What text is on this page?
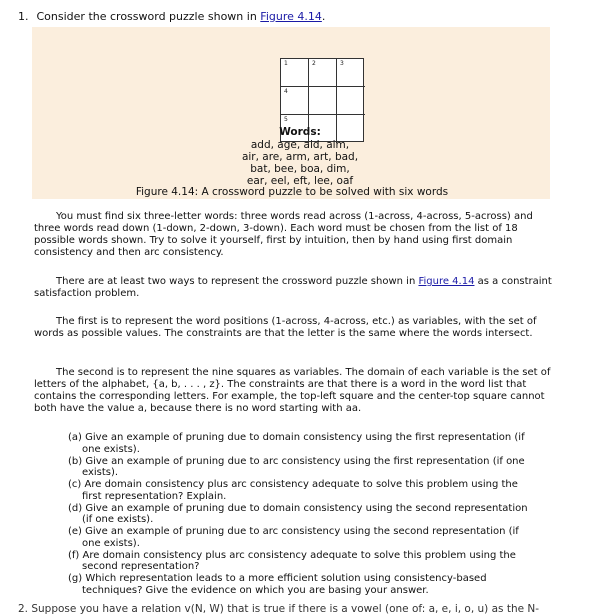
1. Consider the crossword puzzle shown in Figure 4.14.
1	2	3
4
5
Words:
add, age, aid, aim,
air, are, arm, art, bad,
bat, bee, boa, dim,
ear, eel, eft, lee, oaf
Figure 4.14: A crossword puzzle to be solved with six words
You must find six three-letter words: three words read across (1-across, 4-across, 5-across) and three words read down (1-down, 2-down, 3-down). Each word must be chosen from the list of 18 possible words shown. Try to solve it yourself, first by intuition, then by hand using first domain consistency and then arc consistency.
There are at least two ways to represent the crossword puzzle shown in Figure 4.14 as a constraint satisfaction problem.
The first is to represent the word positions (1-across, 4-across, etc.) as variables, with the set of words as possible values. The constraints are that the letter is the same where the words intersect.
The second is to represent the nine squares as variables. The domain of each variable is the set of letters of the alphabet, {a, b, . . . , z}. The constraints are that there is a word in the word list that contains the corresponding letters. For example, the top-left square and the center-top square cannot both have the value a, because there is no word starting with aa.
(a) Give an example of pruning due to domain consistency using the first representation (if
one exists).
(b) Give an example of pruning due to arc consistency using the first representation (if one
exists).
(c) Are domain consistency plus arc consistency adequate to solve this problem using the
first representation? Explain.
(d) Give an example of pruning due to domain consistency using the second representation
(if one exists).
(e) Give an example of pruning due to arc consistency using the second representation (if
one exists).
(f) Are domain consistency plus arc consistency adequate to solve this problem using the
second representation?
(g) Which representation leads to a more efficient solution using consistency-based
techniques? Give the evidence on which you are basing your answer.
2. Suppose you have a relation v(N, W) that is true if there is a vowel (one of: a, e, i, o, u) as the N-
